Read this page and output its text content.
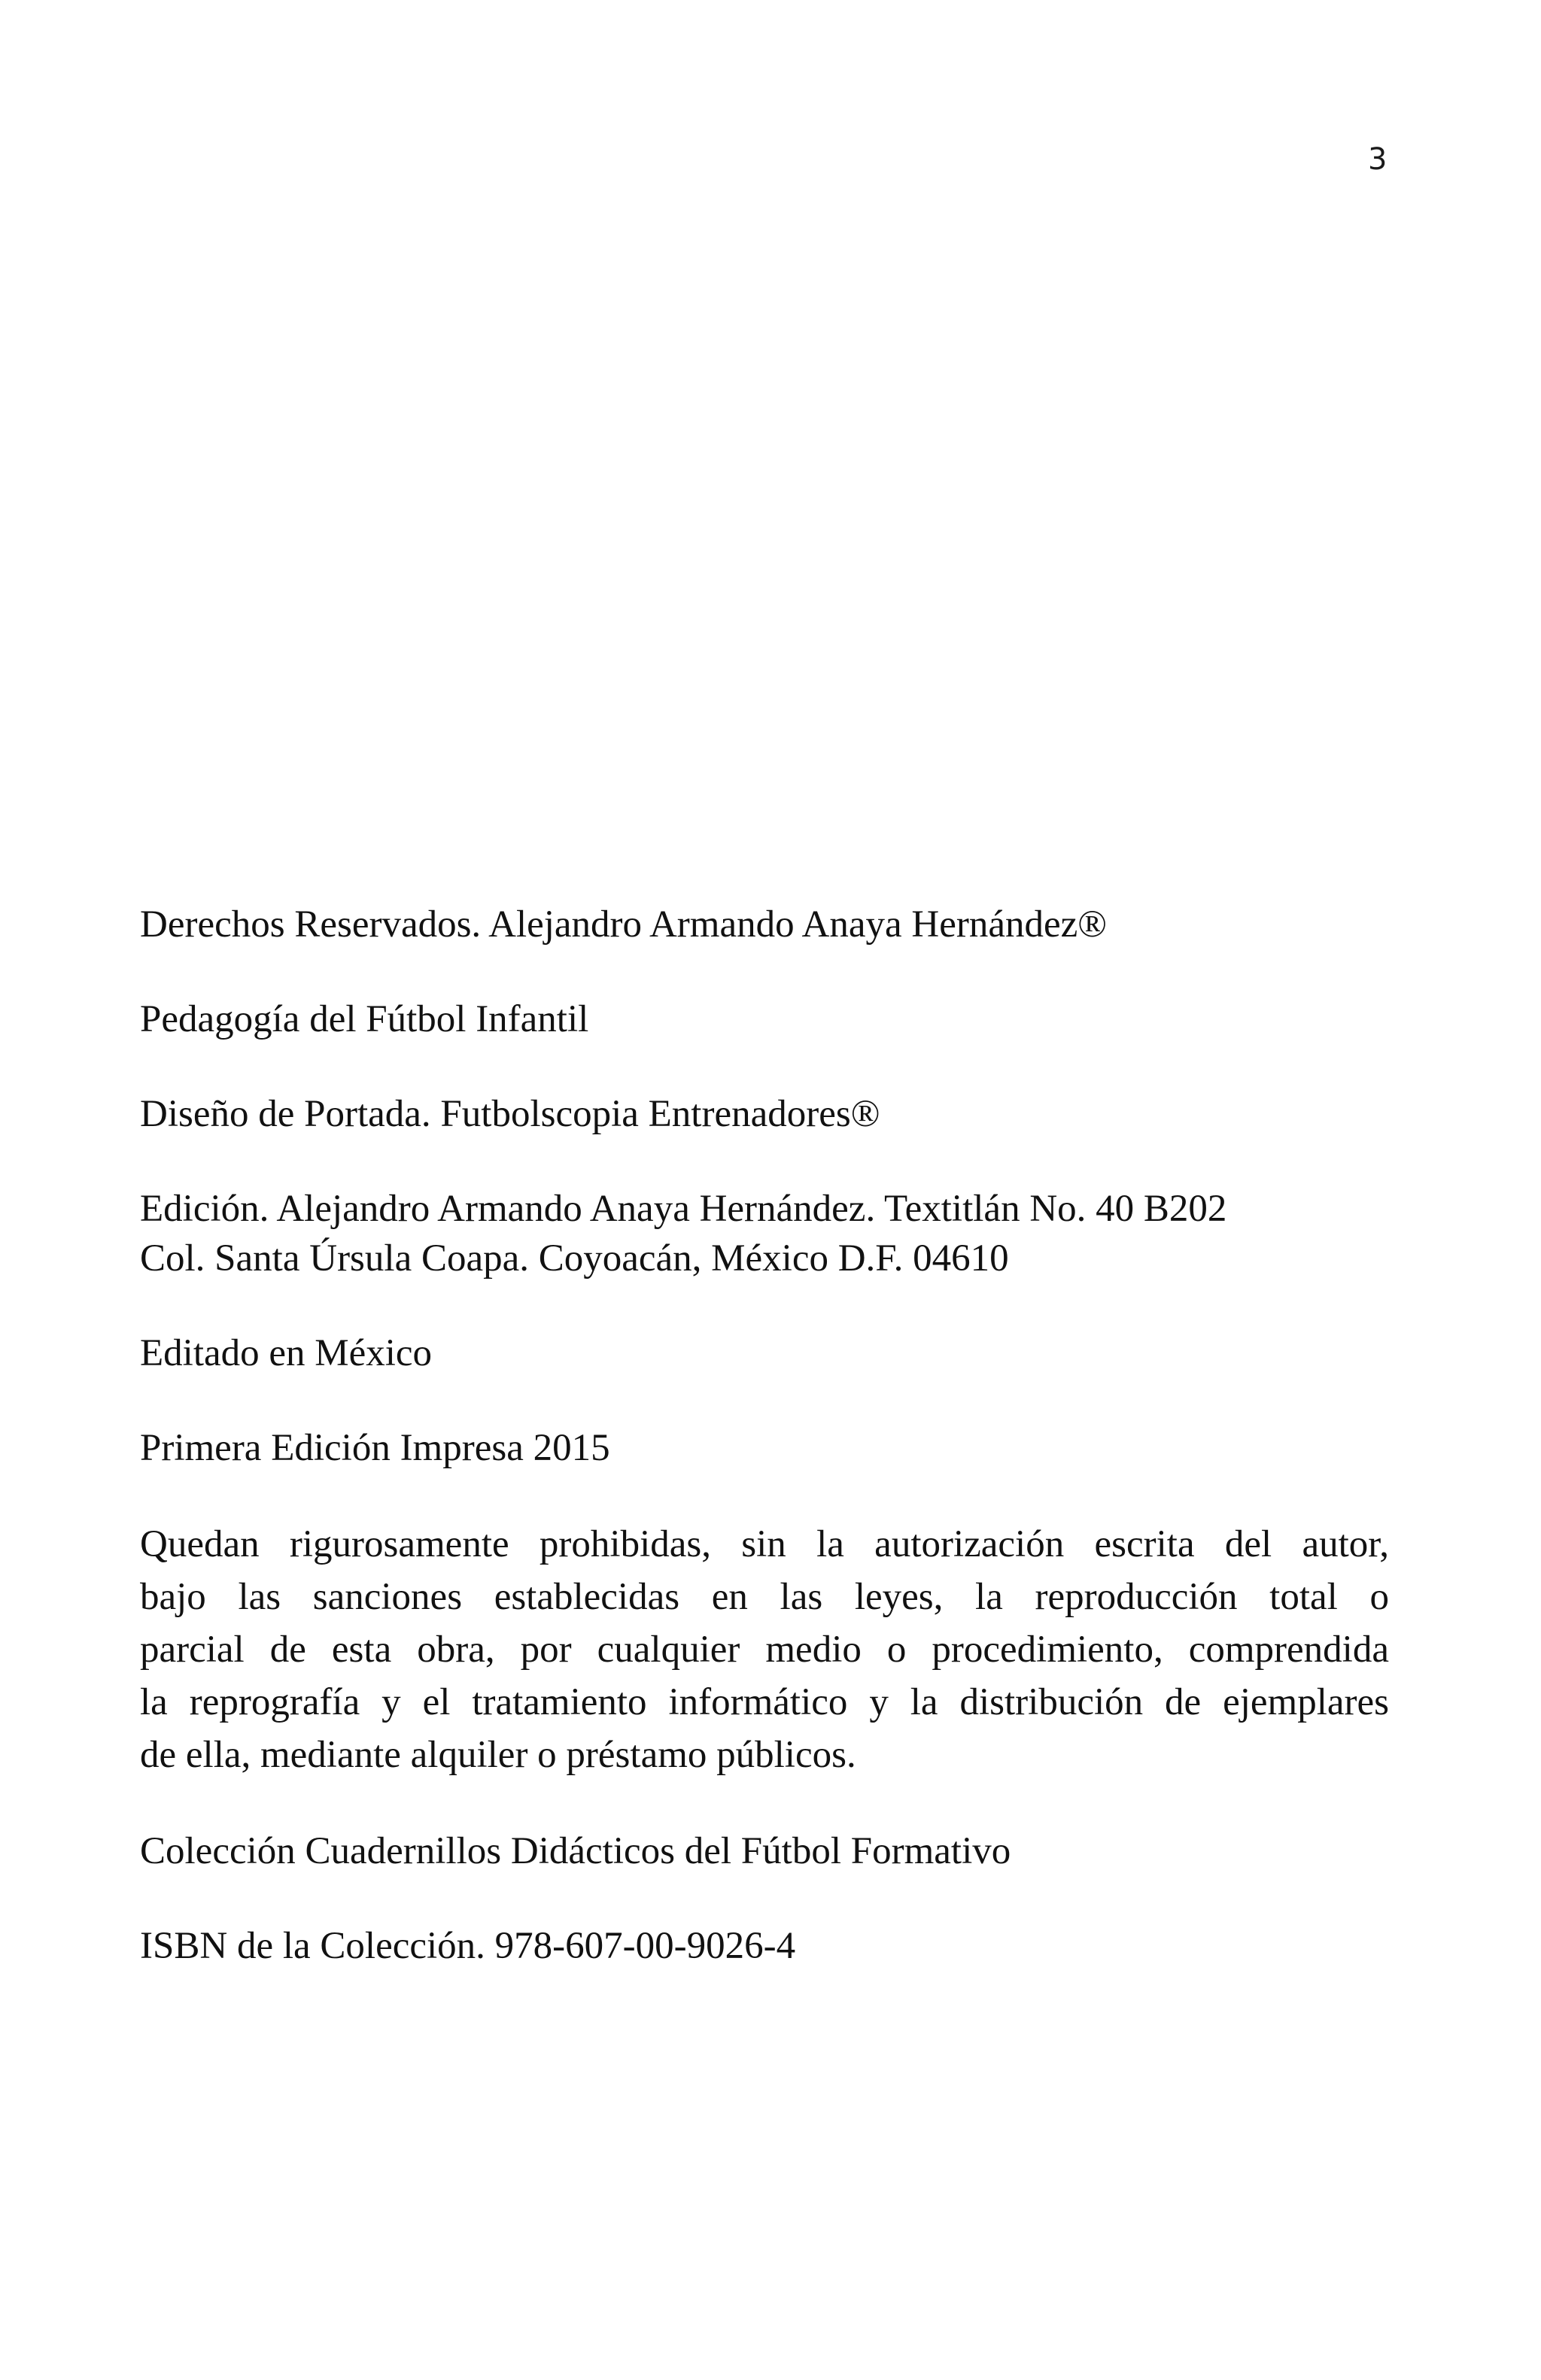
3

Derechos Reservados. Alejandro Armando Anaya Hernández®

Pedagogía del Fútbol Infantil

Diseño de Portada. Futbolscopia Entrenadores®

Edición. Alejandro Armando Anaya Hernández. Textitlán No. 40 B202
Col. Santa Úrsula Coapa. Coyoacán, México D.F. 04610

Editado en México

Primera Edición Impresa 2015

Quedan rigurosamente prohibidas, sin la autorización escrita del autor,
bajo las sanciones establecidas en las leyes, la reproducción total o
parcial de esta obra, por cualquier medio o procedimiento, comprendida
la reprografía y el tratamiento informático y la distribución de ejemplares
de ella, mediante alquiler o préstamo públicos.

Colección Cuadernillos Didácticos del Fútbol Formativo

ISBN de la Colección. 978-607-00-9026-4
